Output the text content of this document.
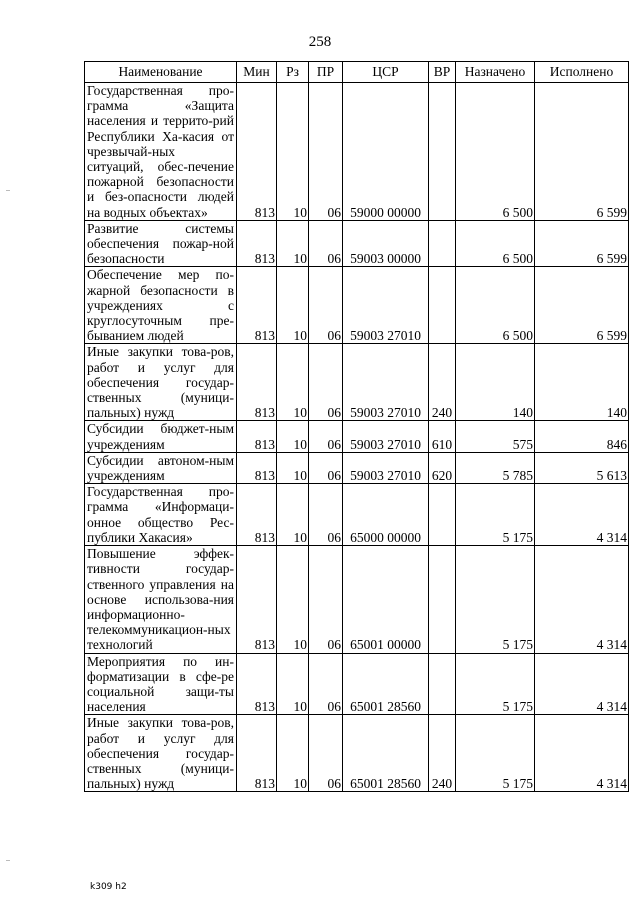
258
Наименование	Мин	Рз	ПР	ЦСР	ВР	Назначено	Исполнено
Государственная про-грамма «Защита населения и террито-рий Республики Ха-касия от чрезвычай-ных ситуаций, обес-печение пожарной безопасности и без-опасности людей на водных объектах»	813	10	06	59000 00000		6 500	6 599
Развитие системы обеспечения пожар-ной безопасности	813	10	06	59003 00000		6 500	6 599
Обеспечение мер по-жарной безопасности в учреждениях с круглосуточным пре-быванием людей	813	10	06	59003 27010		6 500	6 599
Иные закупки това-ров, работ и услуг для обеспечения государ-ственных (муници-пальных) нужд	813	10	06	59003 27010	240	140	140
Субсидии бюджет-ным учреждениям	813	10	06	59003 27010	610	575	846
Субсидии автоном-ным учреждениям	813	10	06	59003 27010	620	5 785	5 613
Государственная про-грамма «Информаци-онное общество Рес-публики Хакасия»	813	10	06	65000 00000		5 175	4 314
Повышение эффек-тивности государ-ственного управления на основе использова-ния информационно-телекоммуникацион-ных технологий	813	10	06	65001 00000		5 175	4 314
Мероприятия по ин-форматизации в сфе-ре социальной защи-ты населения	813	10	06	65001 28560		5 175	4 314
Иные закупки това-ров, работ и услуг для обеспечения государ-ственных (муници-пальных) нужд	813	10	06	65001 28560	240	5 175	4 314
k309 h2
